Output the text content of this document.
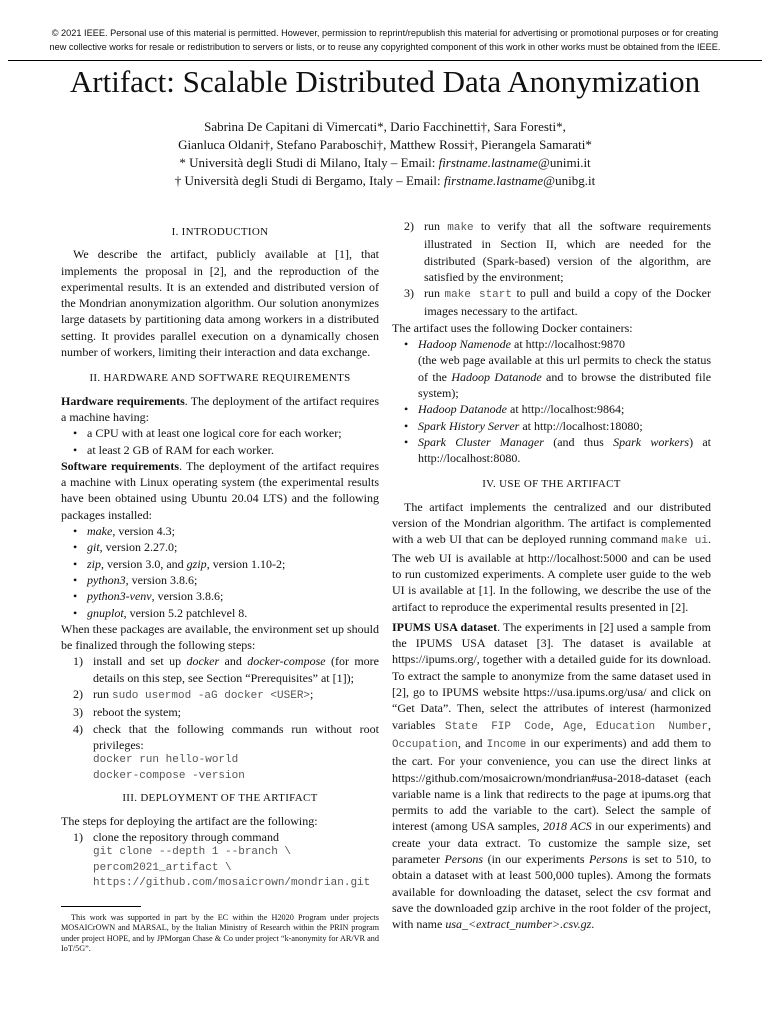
© 2021 IEEE. Personal use of this material is permitted. However, permission to reprint/republish this material for advertising or promotional purposes or for creating
new collective works for resale or redistribution to servers or lists, or to reuse any copyrighted component of this work in other works must be obtained from the IEEE.
Artifact: Scalable Distributed Data Anonymization
Sabrina De Capitani di Vimercati*, Dario Facchinetti†, Sara Foresti*,
Gianluca Oldani†, Stefano Paraboschi†, Matthew Rossi†, Pierangela Samarati*
* Università degli Studi di Milano, Italy – Email: firstname.lastname@unimi.it
† Università degli Studi di Bergamo, Italy – Email: firstname.lastname@unibg.it
I. INTRODUCTION

We describe the artifact, publicly available at [1], that implements the proposal in [2], and the reproduction of the experimental results. It is an extended and distributed version of the Mondrian anonymization algorithm. Our solution anonymizes large datasets by partitioning data among workers in a distributed setting. It provides parallel execution on a dynamically chosen number of workers, limiting their interaction and data exchange.

II. HARDWARE AND SOFTWARE REQUIREMENTS

Hardware requirements. The deployment of the artifact requires a machine having:

• a CPU with at least one logical core for each worker;
• at least 2 GB of RAM for each worker.

Software requirements. The deployment of the artifact requires a machine with Linux operating system (the experimental results have been obtained using Ubuntu 20.04 LTS) and the following packages installed:

• make, version 4.3;
• git, version 2.27.0;
• zip, version 3.0, and gzip, version 1.10-2;
• python3, version 3.8.6;
• python3-venv, version 3.8.6;
• gnuplot, version 5.2 patchlevel 8.

When these packages are available, the environment set up should be finalized through the following steps:

1) install and set up docker and docker-compose (for more details on this step, see Section “Prerequisites” at [1]);
2) run sudo usermod -aG docker <USER>;
3) reboot the system;
4) check that the following commands run without root privileges:
docker run hello-world
docker-compose -version
III. DEPLOYMENT OF THE ARTIFACT

The steps for deploying the artifact are the following:

1) clone the repository through command
git clone --depth 1 --branch \
percom2021_artifact \
https://github.com/mosaicrown/mondrian.git
This work was supported in part by the EC within the H2020 Program under projects MOSAICrOWN and MARSAL, by the Italian Ministry of Research within the PRIN program under project HOPE, and by JPMorgan Chase & Co under project “k-anonymity for AR/VR and IoT/5G”.
2) run make to verify that all the software requirements illustrated in Section II, which are needed for the distributed (Spark-based) version of the algorithm, are satisfied by the environment;
3) run make start to pull and build a copy of the Docker images necessary to the artifact.

The artifact uses the following Docker containers:

• Hadoop Namenode at http://localhost:9870
(the web page available at this url permits to check the status of the Hadoop Datanode and to browse the distributed file system);
• Hadoop Datanode at http://localhost:9864;
• Spark History Server at http://localhost:18080;
• Spark Cluster Manager (and thus Spark workers) at http://localhost:8080.
IV. USE OF THE ARTIFACT

The artifact implements the centralized and our distributed version of the Mondrian algorithm. The artifact is complemented with a web UI that can be deployed running command make ui. The web UI is available at http://localhost:5000 and can be used to run customized experiments. A complete user guide to the web UI is available at [1]. In the following, we describe the use of the artifact to reproduce the experimental results presented in [2].

IPUMS USA dataset. The experiments in [2] used a sample from the IPUMS USA dataset [3]. The dataset is available at https://ipums.org/, together with a detailed guide for its download. To extract the sample to anonymize from the same dataset used in [2], go to IPUMS website https://usa.ipums.org/usa/ and click on “Get Data”. Then, select the attributes of interest (harmonized variables State FIP Code, Age, Education Number, Occupation, and Income in our experiments) and add them to the cart. For your convenience, you can use the direct links at https://github.com/mosaicrown/mondrian#usa-2018-dataset (each variable name is a link that redirects to the page at ipums.org that permits to add the variable to the cart). Select the sample of interest (among USA samples, 2018 ACS in our experiments) and create your data extract. To customize the sample size, set parameter Persons (in our experiments Persons is set to 510, to obtain a dataset with at least 500,000 tuples). Among the formats available for downloading the dataset, select the csv format and save the downloaded gzip archive in the root folder of the project, with name usa_<extract_number>.csv.gz.
